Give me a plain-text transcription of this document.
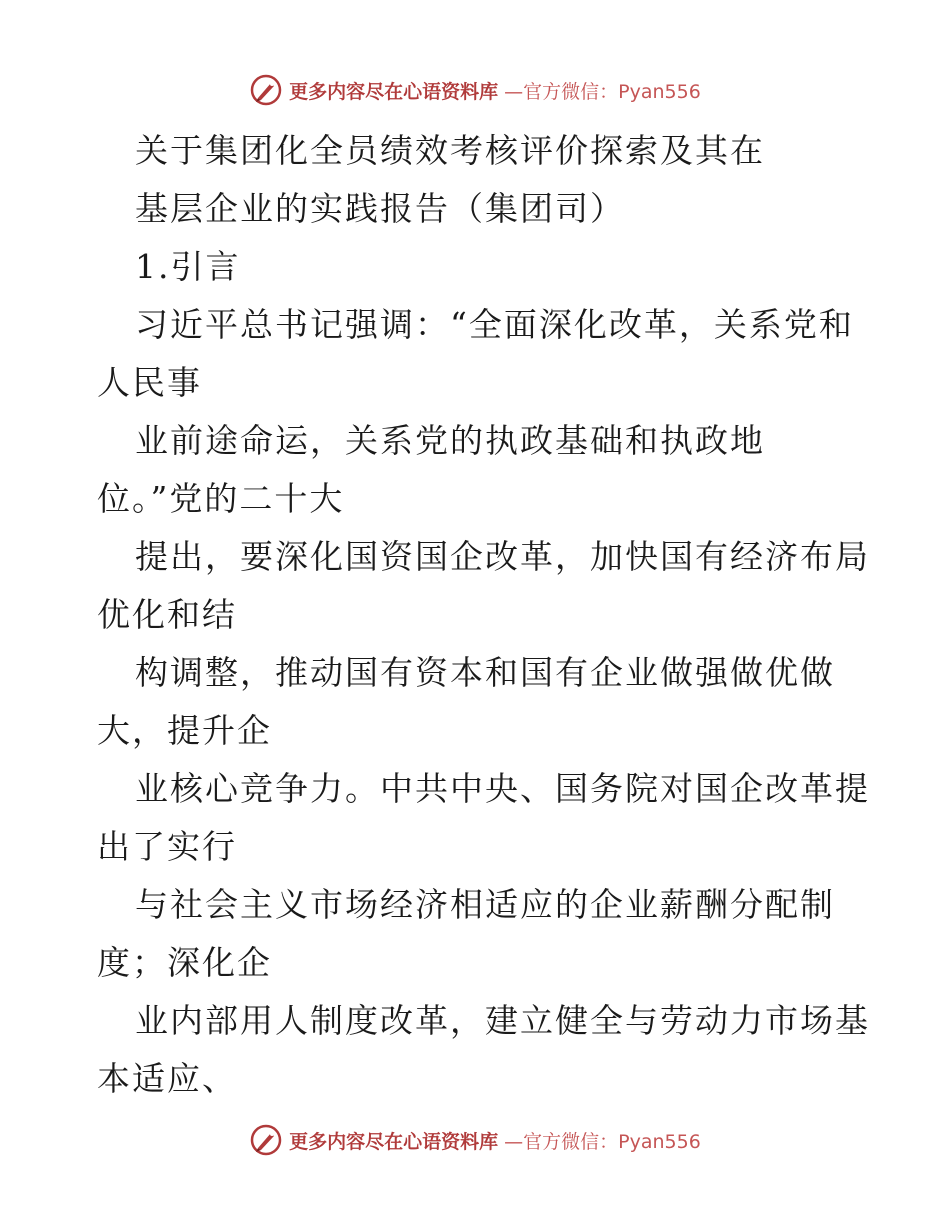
更多内容尽在心语资料库 —官方微信：Pyan556
关于集团化全员绩效考核评价探索及其在
基层企业的实践报告（集团司）
1.引言
习近平总书记强调：“全面深化改革，关系党和
人民事
业前途命运，关系党的执政基础和执政地
位。”党的二十大
提出，要深化国资国企改革，加快国有经济布局
优化和结
构调整，推动国有资本和国有企业做强做优做
大，提升企
业核心竞争力。中共中央、国务院对国企改革提
出了实行
与社会主义市场经济相适应的企业薪酬分配制
度；深化企
业内部用人制度改革，建立健全与劳动力市场基
本适应、
更多内容尽在心语资料库 —官方微信：Pyan556
